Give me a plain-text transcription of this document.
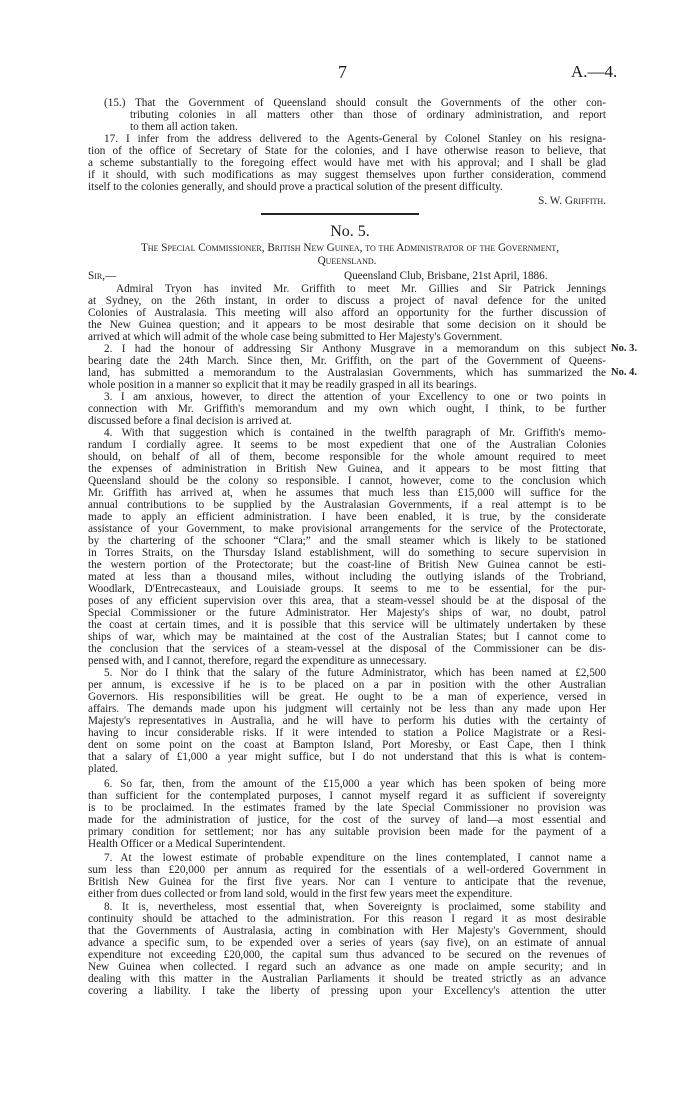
7	A.—4.

(15.) That the Government of Queensland should consult the Governments of the other con-

tributing colonies in all matters other than those of ordinary administration, and report

to them all action taken.

17. I infer from the address delivered to the Agents-General by Colonel Stanley on his resigna-

tion of the office of Secretary of State for the colonies, and I have otherwise reason to believe, that

a scheme substantially to the foregoing effect would have met with his approval; and I shall be glad

if it should, with such modifications as may suggest themselves upon further consideration, commend

itself to the colonies generally, and should prove a practical solution of the present difficulty.

S. W. Griffith.

No. 5.

The Special Commissioner, British New Guinea, to the Administrator of the Government,

Queensland.

Sir,—	Queensland Club, Brisbane, 21st April, 1886.

Admiral Tryon has invited Mr. Griffith to meet Mr. Gillies and Sir Patrick Jennings

at Sydney, on the 26th instant, in order to discuss a project of naval defence for the united

Colonies of Australasia. This meeting will also afford an opportunity for the further discussion of

the New Guinea question; and it appears to be most desirable that some decision on it should be

arrived at which will admit of the whole case being submitted to Her Majesty's Government.

2. I had the honour of addressing Sir Anthony Musgrave in a memorandum on this subject

bearing date the 24th March. Since then, Mr. Griffith, on the part of the Government of Queens-

land, has submitted a memorandum to the Australasian Governments, which has summarized the

whole position in a manner so explicit that it may be readily grasped in all its bearings.

3. I am anxious, however, to direct the attention of your Excellency to one or two points in

connection with Mr. Griffith's memorandum and my own which ought, I think, to be further

discussed before a final decision is arrived at.

4. With that suggestion which is contained in the twelfth paragraph of Mr. Griffith's memo-

randum I cordially agree. It seems to be most expedient that one of the Australian Colonies

should, on behalf of all of them, become responsible for the whole amount required to meet

the expenses of administration in British New Guinea, and it appears to be most fitting that

Queensland should be the colony so responsible. I cannot, however, come to the conclusion which

Mr. Griffith has arrived at, when he assumes that much less than £15,000 will suffice for the

annual contributions to be supplied by the Australasian Governments, if a real attempt is to be

made to apply an efficient administration. I have been enabled, it is true, by the considerate

assistance of your Government, to make provisional arrangements for the service of the Protectorate,

by the chartering of the schooner “Clara;” and the small steamer which is likely to be stationed

in Torres Straits, on the Thursday Island establishment, will do something to secure supervision in

the western portion of the Protectorate; but the coast-line of British New Guinea cannot be esti-

mated at less than a thousand miles, without including the outlying islands of the Trobriand,

Woodlark, D'Entrecasteaux, and Louisiade groups. It seems to me to be essential, for the pur-

poses of any efficient supervision over this area, that a steam-vessel should be at the disposal of the

Special Commissioner or the future Administrator. Her Majesty's ships of war, no doubt, patrol

the coast at certain times, and it is possible that this service will be ultimately undertaken by these

ships of war, which may be maintained at the cost of the Australian States; but I cannot come to

the conclusion that the services of a steam-vessel at the disposal of the Commissioner can be dis-

pensed with, and I cannot, therefore, regard the expenditure as unnecessary.

5. Nor do I think that the salary of the future Administrator, which has been named at £2,500

per annum, is excessive if he is to be placed on a par in position with the other Australian

Governors. His responsibilities will be great. He ought to be a man of experience, versed in

affairs. The demands made upon his judgment will certainly not be less than any made upon Her

Majesty's representatives in Australia, and he will have to perform his duties with the certainty of

having to incur considerable risks. If it were intended to station a Police Magistrate or a Resi-

dent on some point on the coast at Bampton Island, Port Moresby, or East Cape, then I think

that a salary of £1,000 a year might suffice, but I do not understand that this is what is contem-

plated.

6. So far, then, from the amount of the £15,000 a year which has been spoken of being more

than sufficient for the contemplated purposes, I cannot myself regard it as sufficient if sovereignty

is to be proclaimed. In the estimates framed by the late Special Commissioner no provision was

made for the administration of justice, for the cost of the survey of land—a most essential and

primary condition for settlement; nor has any suitable provision been made for the payment of a

Health Officer or a Medical Superintendent.

7. At the lowest estimate of probable expenditure on the lines contemplated, I cannot name a

sum less than £20,000 per annum as required for the essentials of a well-ordered Government in

British New Guinea for the first five years. Nor can I venture to anticipate that the revenue,

either from dues collected or from land sold, would in the first few years meet the expenditure.

8. It is, nevertheless, most essential that, when Sovereignty is proclaimed, some stability and

continuity should be attached to the administration. For this reason I regard it as most desirable

that the Governments of Australasia, acting in combination with Her Majesty's Government, should

advance a specific sum, to be expended over a series of years (say five), on an estimate of annual

expenditure not exceeding £20,000, the capital sum thus advanced to be secured on the revenues of

New Guinea when collected. I regard such an advance as one made on ample security; and in

dealing with this matter in the Australian Parliaments it should be treated strictly as an advance

covering a liability. I take the liberty of pressing upon your Excellency's attention the utter

No. 3.
No. 4.
